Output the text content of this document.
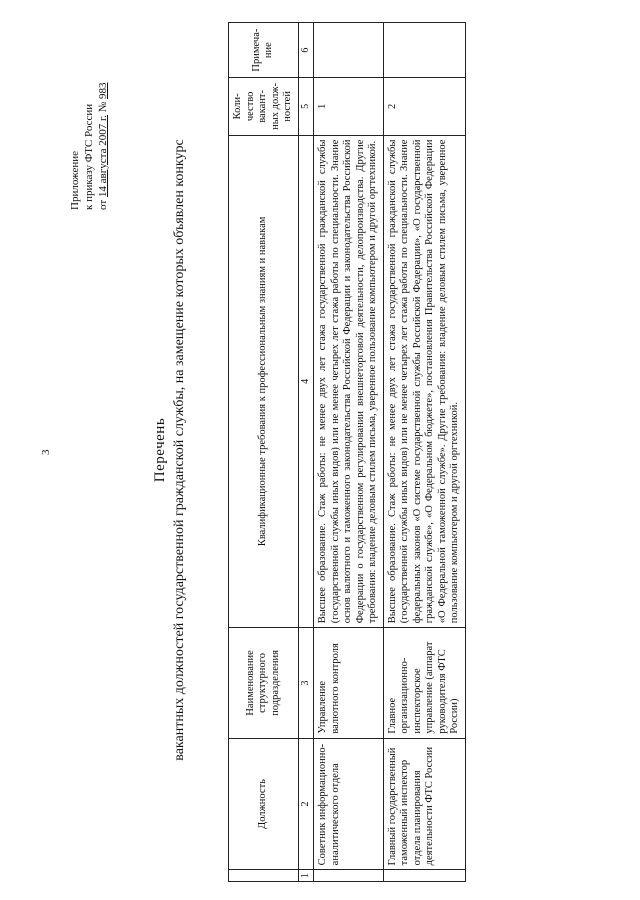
3
Приложение к приказу ФТС России от 14 августа 2007 г. № 983
Перечень вакантных должностей государственной гражданской службы, на замещение которых объявлен конкурс
	Должность	Наименование структурного подразделения	Квалификационные требования к профессиональным знаниям и навыкам	Коли-чество вакант-ных долж-ностей	Примеча-ние
1	2	3	4	5	6
	Советник информационно-аналитического отдела	Управление валютного контроля	Высшее образование. Стаж работы: не менее двух лет стажа государственной гражданской службы (государственной службы иных видов) или не менее четырех лет стажа работы по специальности. Знание основ валютного и таможенного законодательства Российской Федерации и законодательства Российской Федерации о государственном регулировании внешнеторговой деятельности, делопроизводства. Другие требования: владение деловым стилем письма, уверенное пользование компьютером и другой оргтехникой.	1	
	Главный государственный таможенный инспектор отдела планирования деятельности ФТС России	Главное организационно-инспекторское управление (аппарат руководителя ФТС России)	Высшее образование. Стаж работы: не менее двух лет стажа государственной гражданской службы (государственной службы иных видов) или не менее четырех лет стажа работы по специальности. Знание федеральных законов «О системе государственной службы Российской Федерации», «О государственной гражданской службе», «О Федеральном бюджете», постановления Правительства Российской Федерации «О Федеральной таможенной службе». Другие требования: владение деловым стилем письма, уверенное пользование компьютером и другой оргтехникой.	2	
